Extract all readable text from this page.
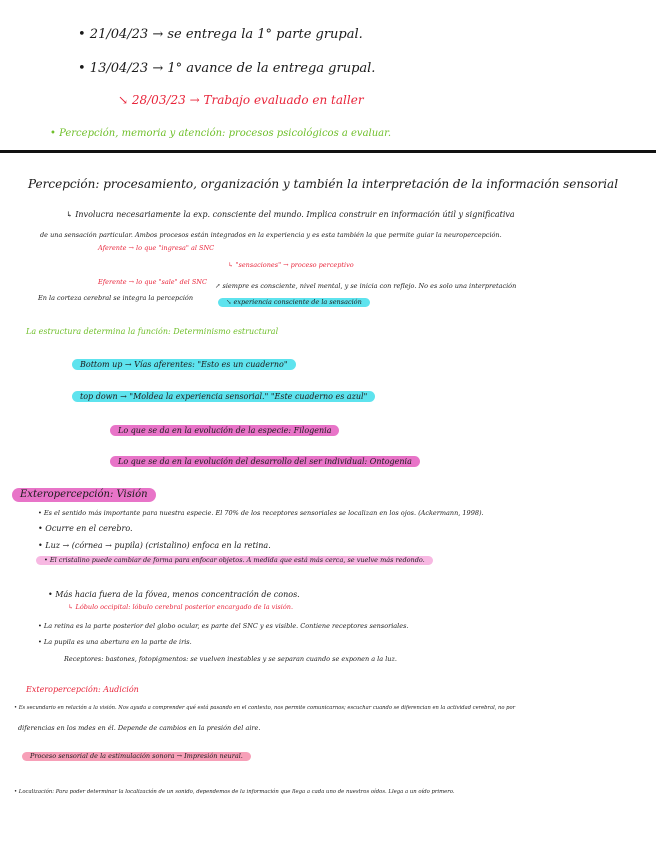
• 21/04/23 → se entrega la 1° parte grupal.
• 13/04/23 → 1° avance de la entrega grupal.
↘ 28/03/23 → Trabajo evaluado en taller
• Percepción, memoria y atención: procesos psicológicos a evaluar.
Percepción: procesamiento, organización y también la interpretación de la información sensorial
↳ Involucra necesariamente la exp. consciente del mundo. Implica construir en información útil y significativa
de una sensación particular. Ambos procesos están integrados en la experiencia y es esta también la que permite guiar la neuropercepción.
Aferente → lo que "ingresa" al SNC
↳ "sensaciones" → proceso perceptivo
Eferente → lo que "sale" del SNC ↗ siempre es consciente, nivel mental, y se inicia con reflejo. No es solo una interpretación
En la corteza cerebral se integra la percepción	↘ experiencia consciente de la sensación
La estructura determina la función: Determinismo estructural
Bottom up → Vías aferentes: "Esto es un cuaderno"
top down → "Moldea la experiencia sensorial." "Este cuaderno es azul"
Lo que se da en la evolución de la especie: Filogenia
Lo que se da en la evolución del desarrollo del ser individual: Ontogenia
Exteropercepción: Visión
• Es el sentido más importante para nuestra especie. El 70% de los receptores sensoriales se localizan en los ojos. (Ackermann, 1998).
• Ocurre en el cerebro.
• Luz → (córnea → pupila) (cristalino) enfoca en la retina.
• El cristalino puede cambiar de forma para enfocar objetos. A medida que está más cerca, se vuelve más redondo.
• Más hacia fuera de la fóvea, menos concentración de conos.
↳ Lóbulo occipital: lóbulo cerebral posterior encargado de la visión.
• La retina es la parte posterior del globo ocular, es parte del SNC y es visible. Contiene receptores sensoriales.
• La pupila es una abertura en la parte de iris.
Receptores: bastones, fotopigmentos: se vuelven inestables y se separan cuando se exponen a la luz.
Exteropercepción: Audición
• Es secundario en relación a la visión. Nos ayuda a comprender qué está pasando en el contexto, nos permite comunicarnos; escuchar cuando se diferencian en la actividad cerebral, no por
diferencias en los mdes en él. Depende de cambios en la presión del aire.
Proceso sensorial de la estimulación sonora → Impresión neural.
• Localización: Para poder determinar la localización de un sonido, dependemos de la información que llega a cada uno de nuestros oídos. Llega a un oído primero.
